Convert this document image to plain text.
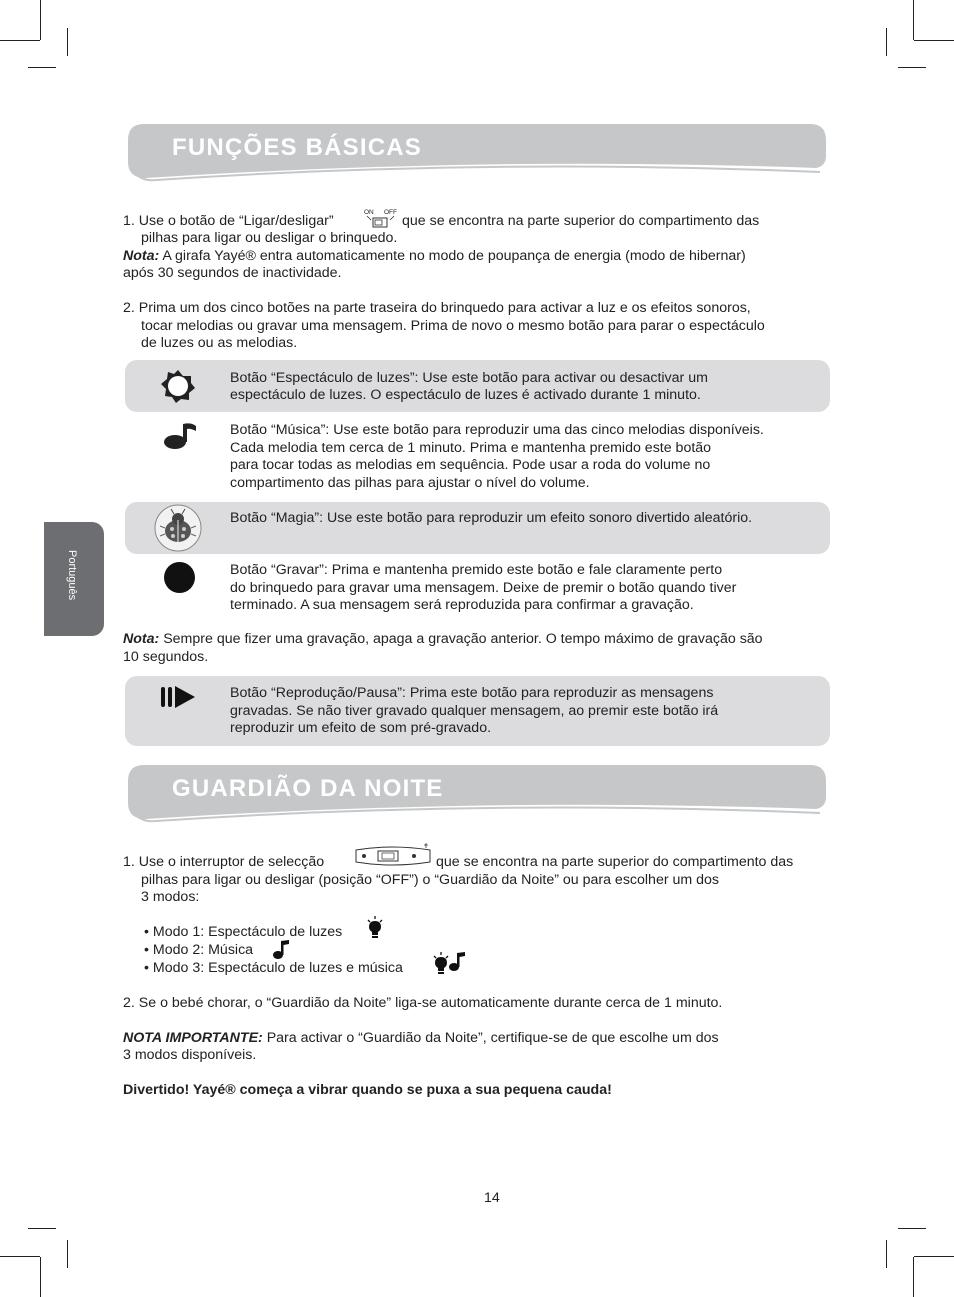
Português
FUNÇÕES BÁSICAS
1. Use o botão de “Ligar/desligar”
ON OFF
que se encontra na parte superior do compartimento das
pilhas para ligar ou desligar o brinquedo.
Nota: A girafa Yayé® entra automaticamente no modo de poupança de energia (modo de hibernar)
após 30 segundos de inactividade.
2. Prima um dos cinco botões na parte traseira do brinquedo para activar a luz e os efeitos sonoros,
tocar melodias ou gravar uma mensagem. Prima de novo o mesmo botão para parar o espectáculo
de luzes ou as melodias.
Botão “Espectáculo de luzes”: Use este botão para activar ou desactivar um
espectáculo de luzes. O espectáculo de luzes é activado durante 1 minuto.
Botão “Música”: Use este botão para reproduzir uma das cinco melodias disponíveis.
Cada melodia tem cerca de 1 minuto. Prima e mantenha premido este botão
para tocar todas as melodias em sequência. Pode usar a roda do volume no
compartimento das pilhas para ajustar o nível do volume.
Botão “Magia”: Use este botão para reproduzir um efeito sonoro divertido aleatório.
Botão “Gravar”: Prima e mantenha premido este botão e fale claramente perto
do brinquedo para gravar uma mensagem. Deixe de premir o botão quando tiver
terminado. A sua mensagem será reproduzida para confirmar a gravação.
Nota: Sempre que fizer uma gravação, apaga a gravação anterior. O tempo máximo de gravação são
10 segundos.
Botão “Reprodução/Pausa”: Prima este botão para reproduzir as mensagens
gravadas. Se não tiver gravado qualquer mensagem, ao premir este botão irá
reproduzir um efeito de som pré-gravado.
GUARDIÃO DA NOITE
1. Use o interruptor de selecção	que se encontra na parte superior do compartimento das
pilhas para ligar ou desligar (posição “OFF”) o “Guardião da Noite” ou para escolher um dos
3 modos:
• Modo 1: Espectáculo de luzes
• Modo 2: Música
• Modo 3: Espectáculo de luzes e música
2. Se o bebé chorar, o “Guardião da Noite” liga-se automaticamente durante cerca de 1 minuto.
NOTA IMPORTANTE: Para activar o “Guardião da Noite”, certifique-se de que escolhe um dos
3 modos disponíveis.
Divertido! Yayé® começa a vibrar quando se puxa a sua pequena cauda!
14
